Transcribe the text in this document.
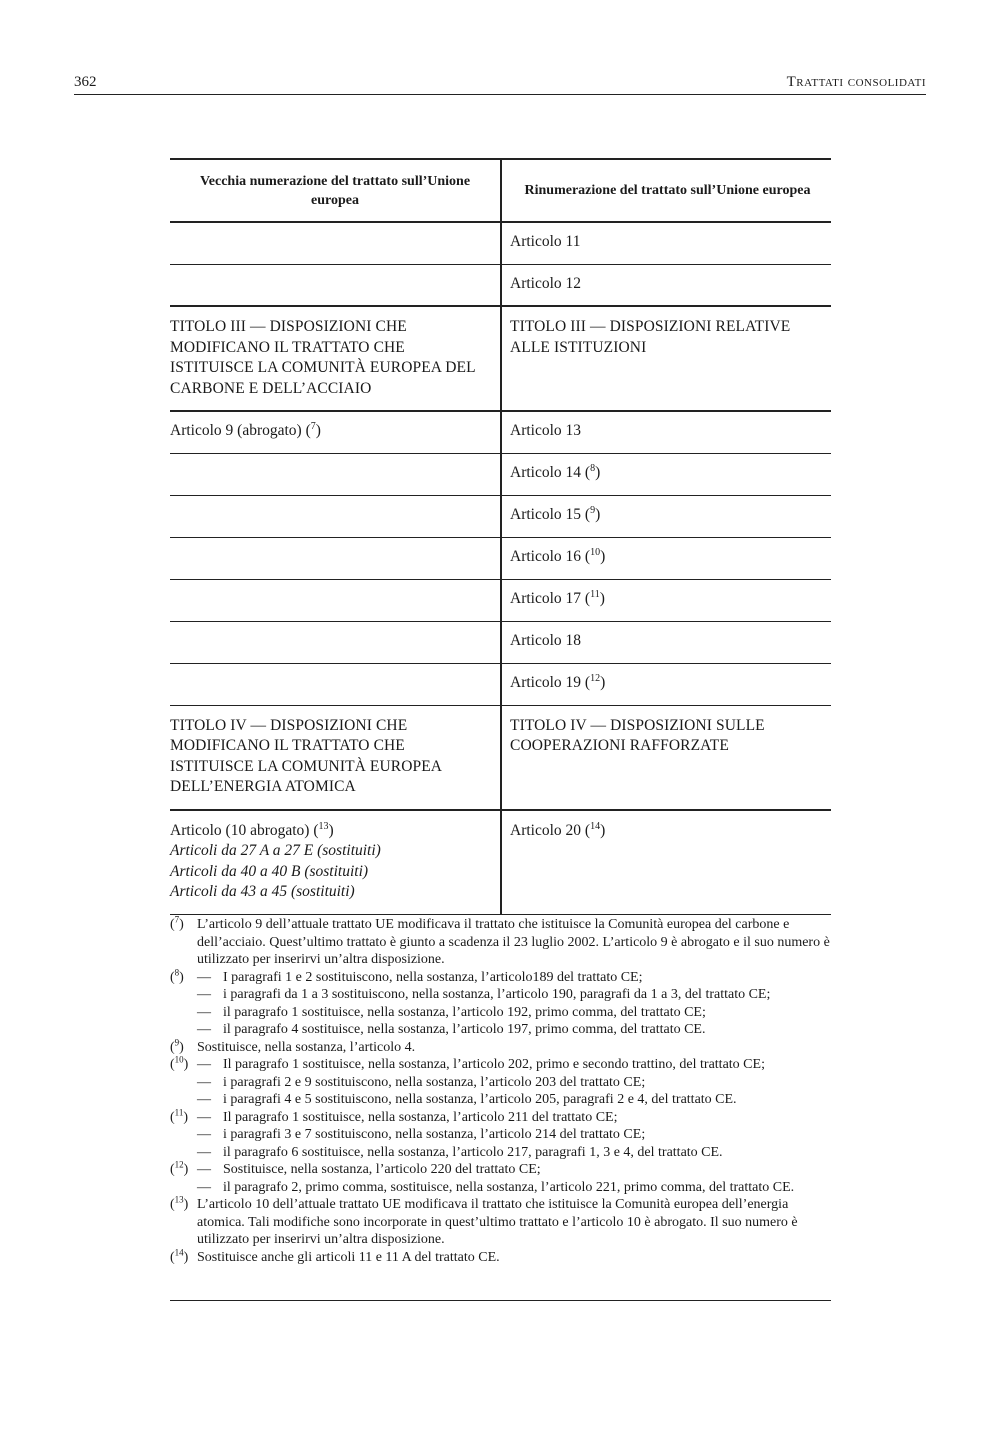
362	Trattati consolidati
Vecchia numerazione del trattato sull’Unione europea	Rinumerazione del trattato sull’Unione europea
	Articolo 11
	Articolo 12
TITOLO III — DISPOSIZIONI CHE MODIFICANO IL TRATTATO CHE ISTITUISCE LA COMUNITÀ EUROPEA DEL CARBONE E DELL’ACCIAIO	TITOLO III — DISPOSIZIONI RELATIVE ALLE ISTITUZIONI
Articolo 9 (abrogato) ($^7$)	Articolo 13
	Articolo 14 ($^8$)
	Articolo 15 ($^9$)
	Articolo 16 ($^{10}$)
	Articolo 17 ($^{11}$)
	Articolo 18
	Articolo 19 ($^{12}$)
TITOLO IV — DISPOSIZIONI CHE MODIFICANO IL TRATTATO CHE ISTITUISCE LA COMUNITÀ EUROPEA DELL’ENERGIA ATOMICA	TITOLO IV — DISPOSIZIONI SULLE COOPERAZIONI RAFFORZATE

Articolo (10 abrogato) ($^{13}$)
Articoli da 27 A a 27 E (sostituiti)
Articoli da 40 a 40 B (sostituiti)
Articoli da 43 a 45 (sostituiti)	Articolo 20 ($^{14}$)
($^7$) L’articolo 9 dell’attuale trattato UE modificava il trattato che istituisce la Comunità europea del carbone e dell’acciaio. Quest’ultimo trattato è giunto a scadenza il 23 luglio 2002. L’articolo 9 è abrogato e il suo numero è utilizzato per inserirvi un’altra disposizione.
($^8$) — I paragrafi 1 e 2 sostituiscono, nella sostanza, l’articolo189 del trattato CE;
— i paragrafi da 1 a 3 sostituiscono, nella sostanza, l’articolo 190, paragrafi da 1 a 3, del trattato CE;
— il paragrafo 1 sostituisce, nella sostanza, l’articolo 192, primo comma, del trattato CE;
— il paragrafo 4 sostituisce, nella sostanza, l’articolo 197, primo comma, del trattato CE.
($^9$) Sostituisce, nella sostanza, l’articolo 4.
($^{10}$) — Il paragrafo 1 sostituisce, nella sostanza, l’articolo 202, primo e secondo trattino, del trattato CE;
— i paragrafi 2 e 9 sostituiscono, nella sostanza, l’articolo 203 del trattato CE;
— i paragrafi 4 e 5 sostituiscono, nella sostanza, l’articolo 205, paragrafi 2 e 4, del trattato CE.
($^{11}$) — Il paragrafo 1 sostituisce, nella sostanza, l’articolo 211 del trattato CE;
— i paragrafi 3 e 7 sostituiscono, nella sostanza, l’articolo 214 del trattato CE;
— il paragrafo 6 sostituisce, nella sostanza, l’articolo 217, paragrafi 1, 3 e 4, del trattato CE.
($^{12}$) — Sostituisce, nella sostanza, l’articolo 220 del trattato CE;
— il paragrafo 2, primo comma, sostituisce, nella sostanza, l’articolo 221, primo comma, del trattato CE.
($^{13}$) L’articolo 10 dell’attuale trattato UE modificava il trattato che istituisce la Comunità europea dell’energia atomica. Tali modifiche sono incorporate in quest’ultimo trattato e l’articolo 10 è abrogato. Il suo numero è utilizzato per inserirvi un’altra disposizione.
($^{14}$) Sostituisce anche gli articoli 11 e 11 A del trattato CE.
